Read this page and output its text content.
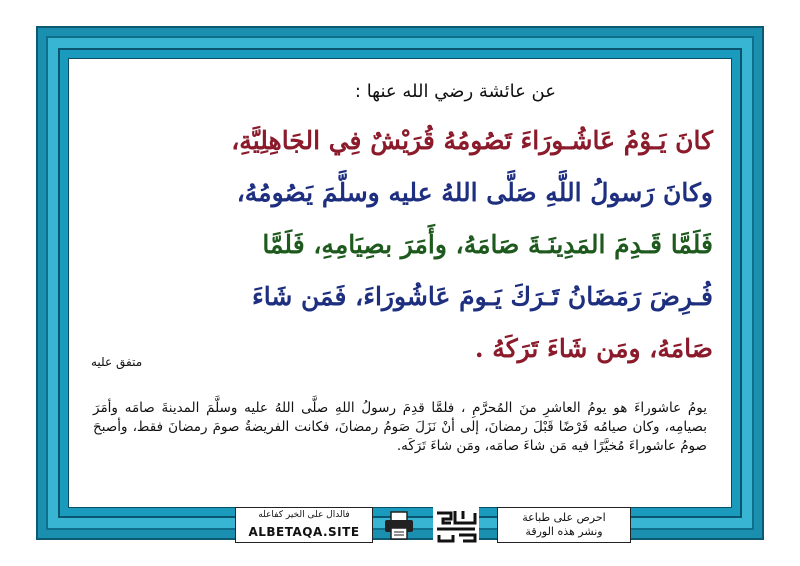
عن عائشة رضي الله عنها :
كانَ يَـوْمُ عَاشُـورَاءَ تَصُومُهُ قُرَيْشٌ فِي الجَاهِلِيَّةِ،
وكانَ رَسولُ اللَّهِ صَلَّى اللهُ عليه وسلَّمَ يَصُومُهُ،
فَلَمَّا قَـدِمَ المَدِينَـةَ صَامَهُ، وأَمَرَ بصِيَامِهِ، فَلَمَّا
فُـرِضَ رَمَضَانُ تَـرَكَ يَـومَ عَاشُورَاءَ، فَمَن شَاءَ
صَامَهُ، ومَن شَاءَ تَرَكَهُ .
متفق عليه
يومُ عاشوراءَ هو يومُ العاشرِ منَ المُحرَّمِ ، فلمَّا قدِمَ رسولُ اللهِ صلَّى اللهُ عليه وسلَّمَ المدينةَ صامَه وأمَرَ بصيامِه، وكان صيامُه فَرْضًا قَبْلَ رمضانَ، إلى أنْ نَزَلَ صَومُ رمضانَ، فكانت الفريضةُ صومَ رمضانَ فقط، وأصبحَ صومُ عاشوراءَ مُخيَّرًا فيه مَن شاءَ صامَه، ومَن شاءَ تَرَكَه.
فالدال على الخير كفاعله
ALBETAQA.SITE
احرص على طباعة
ونشر هذه الورقة
